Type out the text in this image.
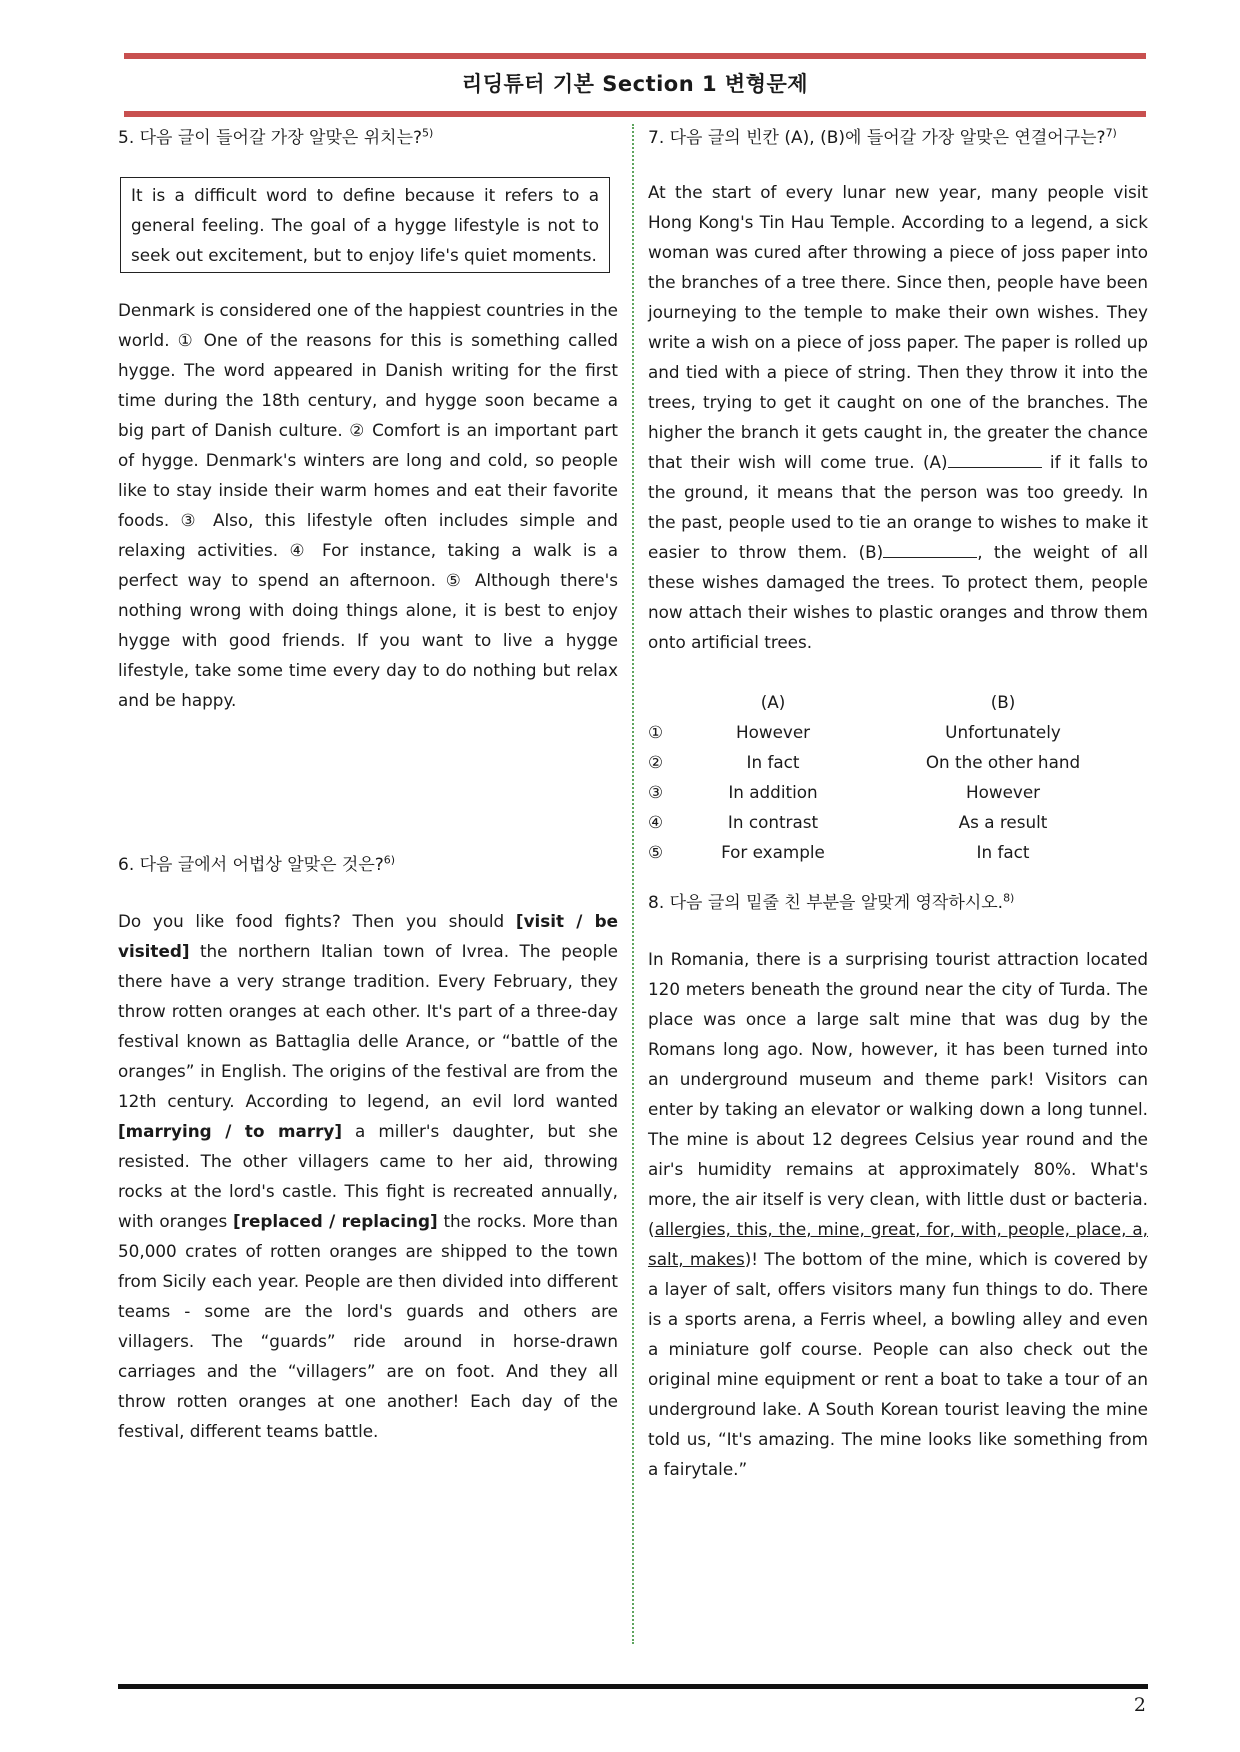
리딩튜터 기본 Section 1 변형문제

5. 다음 글이 들어갈 가장 알맞은 위치는?$^{5)}$

It is a difficult word to define because it refers to a general feeling. The goal of a hygge lifestyle is not to seek out excitement, but to enjoy life's quiet moments.

Denmark is considered one of the happiest countries in the world. ① One of the reasons for this is something called hygge. The word appeared in Danish writing for the first time during the 18th century, and hygge soon became a big part of Danish culture. ② Comfort is an important part of hygge. Denmark's winters are long and cold, so people like to stay inside their warm homes and eat their favorite foods. ③ Also, this lifestyle often includes simple and relaxing activities. ④ For instance, taking a walk is a perfect way to spend an afternoon. ⑤ Although there's nothing wrong with doing things alone, it is best to enjoy hygge with good friends. If you want to live a hygge lifestyle, take some time every day to do nothing but relax and be happy.

6. 다음 글에서 어법상 알맞은 것은?$^{6)}$

Do you like food fights? Then you should [visit / be visited] the northern Italian town of Ivrea. The people there have a very strange tradition. Every February, they throw rotten oranges at each other. It's part of a three-day festival known as Battaglia delle Arance, or “battle of the oranges” in English. The origins of the festival are from the 12th century. According to legend, an evil lord wanted [marrying / to marry] a miller's daughter, but she resisted. The other villagers came to her aid, throwing rocks at the lord's castle. This fight is recreated annually, with oranges [replaced / replacing] the rocks. More than 50,000 crates of rotten oranges are shipped to the town from Sicily each year. People are then divided into different teams - some are the lord's guards and others are villagers. The “guards” ride around in horse-drawn carriages and the “villagers” are on foot. And they all throw rotten oranges at one another! Each day of the festival, different teams battle.

7. 다음 글의 빈칸 (A), (B)에 들어갈 가장 알맞은 연결어구는?$^{7)}$

At the start of every lunar new year, many people visit Hong Kong's Tin Hau Temple. According to a legend, a sick woman was cured after throwing a piece of joss paper into the branches of a tree there. Since then, people have been journeying to the temple to make their own wishes. They write a wish on a piece of joss paper. The paper is rolled up and tied with a piece of string. Then they throw it into the trees, trying to get it caught on one of the branches. The higher the branch it gets caught in, the greater the chance that their wish will come true. (A)	if it falls to the ground, it means that the person was too greedy. In the past, people used to tie an orange to wishes to make it easier to throw them. (B)	, the weight of all these wishes damaged the trees. To protect them, people now attach their wishes to plastic oranges and throw them onto artificial trees.

	(A)	(B)
①	However	Unfortunately
②	In fact	On the other hand
③	In addition	However
④	In contrast	As a result
⑤	For example	In fact

8. 다음 글의 밑줄 친 부분을 알맞게 영작하시오.$^{8)}$

In Romania, there is a surprising tourist attraction located 120 meters beneath the ground near the city of Turda. The place was once a large salt mine that was dug by the Romans long ago. Now, however, it has been turned into an underground museum and theme park! Visitors can enter by taking an elevator or walking down a long tunnel. The mine is about 12 degrees Celsius year round and the air's humidity remains at approximately 80%. What's more, the air itself is very clean, with little dust or bacteria. (allergies, this, the, mine, great, for, with, people, place, a, salt, makes)! The bottom of the mine, which is covered by a layer of salt, offers visitors many fun things to do. There is a sports arena, a Ferris wheel, a bowling alley and even a miniature golf course. People can also check out the original mine equipment or rent a boat to take a tour of an underground lake. A South Korean tourist leaving the mine told us, “It's amazing. The mine looks like something from a fairytale.”

2
